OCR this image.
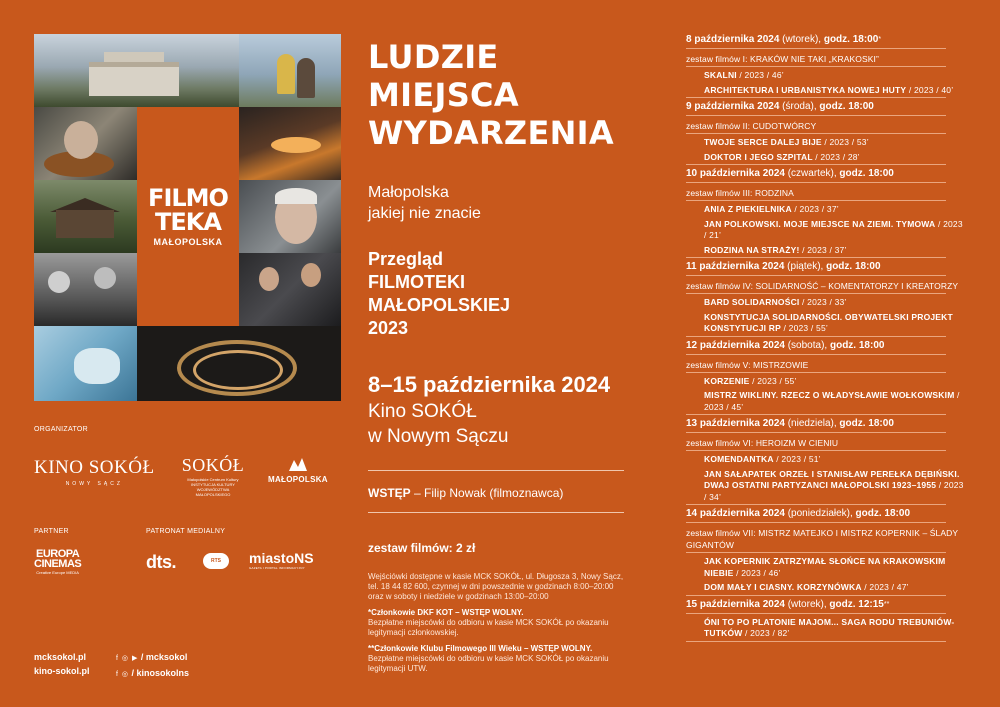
FILMO
TEKA
MAŁOPOLSKA
LUDZIE
MIEJSCA
WYDARZENIA
Małopolska
jakiej nie znacie
Przegląd
FILMOTEKI
MAŁOPOLSKIEJ
2023
8–15 października 2024
Kino SOKÓŁ
w Nowym Sączu
WSTĘP – Filip Nowak (filmoznawca)
zestaw filmów: 2 zł

Wejściówki dostępne w kasie MCK SOKÓŁ, ul. Długosza 3, Nowy Sącz, tel. 18 44 82 600, czynnej w dni powszednie w godzinach 8:00–20:00 oraz w soboty i niedziele w godzinach 13:00–20:00

*Członkowie DKF KOT – WSTĘP WOLNY.
Bezpłatne miejscówki do odbioru w kasie MCK SOKÓŁ po okazaniu legitymacji członkowskiej.

**Członkowie Klubu Filmowego III Wieku – WSTĘP WOLNY.
Bezpłatne miejscówki do odbioru w kasie MCK SOKÓŁ po okazaniu legitymacji UTW.

ORGANIZATOR
KINO SOKÓŁ
NOWY SĄCZ
SOKÓŁ
Małopolskie Centrum Kultury INSTYTUCJA KULTURY WOJEWÓDZTWA MAŁOPOLSKIEGO
MAŁOPOLSKA
PARTNER	PATRONAT MEDIALNY
EUROPA
CINEMAS
Creative Europe MEDIA
dts.	RTS	miastoNS
GAZETA I PORTAL INFORMACYJNY
mcksokol.pl
kino-sokol.pl
f ◎ ▶ / mcksokol
f ◎ / kinosokolns
8 października 2024 (wtorek), godz. 18:00*
zestaw filmów I: KRAKÓW NIE TAKI „KRAKOSKI”
SKALNI / 2023 / 46’
ARCHITEKTURA I URBANISTYKA NOWEJ HUTY / 2023 / 40’
9 października 2024 (środa), godz. 18:00
zestaw filmów II: CUDOTWÓRCY
TWOJE SERCE DALEJ BIJE / 2023 / 53’
DOKTOR I JEGO SZPITAL / 2023 / 28’
10 października 2024 (czwartek), godz. 18:00
zestaw filmów III: RODZINA
ANIA Z PIEKIELNIKA / 2023 / 37’
JAN POLKOWSKI. MOJE MIEJSCE NA ZIEMI. TYMOWA / 2023 / 21’
RODZINA NA STRAŻY! / 2023 / 37’
11 października 2024 (piątek), godz. 18:00
zestaw filmów IV: SOLIDARNOŚĆ – KOMENTATORZY I KREATORZY
BARD SOLIDARNOŚCI / 2023 / 33’
KONSTYTUCJA SOLIDARNOŚCI. OBYWATELSKI PROJEKT KONSTYTUCJI RP / 2023 / 55’
12 października 2024 (sobota), godz. 18:00
zestaw filmów V: MISTRZOWIE
KORZENIE / 2023 / 55’
MISTRZ WIKLINY. RZECZ O WŁADYSŁAWIE WOŁKOWSKIM / 2023 / 45’
13 października 2024 (niedziela), godz. 18:00
zestaw filmów VI: HEROIZM W CIENIU
KOMENDANTKA / 2023 / 51’
JAN SAŁAPATEK ORZEŁ I STANISŁAW PEREŁKA DĘBIŃSKI. DWAJ OSTATNI PARTYZANCI MAŁOPOLSKI 1923–1955 / 2023 / 34’
14 października 2024 (poniedziałek), godz. 18:00
zestaw filmów VII: MISTRZ MATEJKO I MISTRZ KOPERNIK – ŚLADY GIGANTÓW
JAK KOPERNIK ZATRZYMAŁ SŁOŃCE NA KRAKOWSKIM NIEBIE / 2023 / 46’
DOM MAŁY I CIASNY. KORZYNÓWKA / 2023 / 47’
15 października 2024 (wtorek), godz. 12:15**
ÓNI TO PO PLATONIE MAJOM... SAGA RODU TREBUNIÓW-TUTKÓW / 2023 / 82’
